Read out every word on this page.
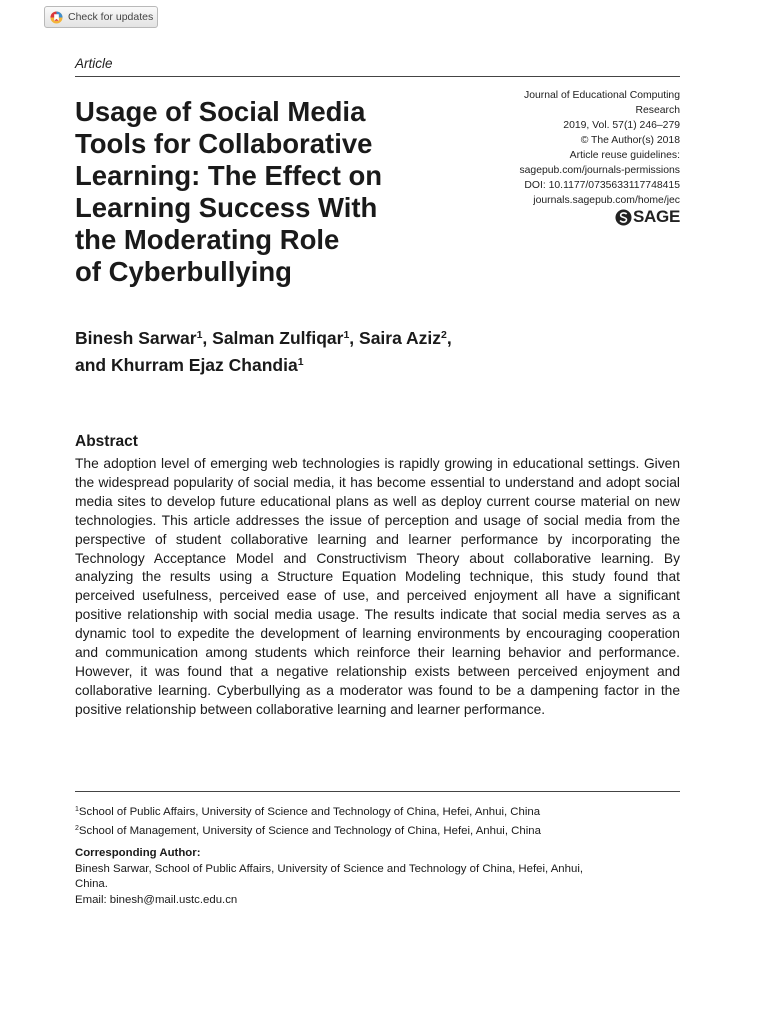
Check for updates
Article
Usage of Social Media
Tools for Collaborative
Learning: The Effect on
Learning Success With
the Moderating Role
of Cyberbullying
Journal of Educational Computing
Research
2019, Vol. 57(1) 246–279
© The Author(s) 2018
Article reuse guidelines:
sagepub.com/journals-permissions
DOI: 10.1177/0735633117748415
journals.sagepub.com/home/jec
SAGE
Binesh Sarwar$^1$, Salman Zulfiqar$^1$, Saira Aziz$^2$,
and Khurram Ejaz Chandia$^1$
Abstract

The adoption level of emerging web technologies is rapidly growing in educational settings. Given the widespread popularity of social media, it has become essential to understand and adopt social media sites to develop future educational plans as well as deploy current course material on new technologies. This article addresses the issue of perception and usage of social media from the perspective of student collaborative learning and learner performance by incorporating the Technology Acceptance Model and Constructivism Theory about collaborative learning. By analyzing the results using a Structure Equation Modeling technique, this study found that perceived usefulness, perceived ease of use, and perceived enjoyment all have a significant positive relationship with social media usage. The results indicate that social media serves as a dynamic tool to expedite the development of learning environments by encouraging cooperation and communication among students which reinforce their learning behavior and performance. However, it was found that a negative relationship exists between perceived enjoyment and collaborative learning. Cyberbullying as a moderator was found to be a dampening factor in the positive relationship between collaborative learning and learner performance.

$^1$School of Public Affairs, University of Science and Technology of China, Hefei, Anhui, China
$^2$School of Management, University of Science and Technology of China, Hefei, Anhui, China
Corresponding Author:
Binesh Sarwar, School of Public Affairs, University of Science and Technology of China, Hefei, Anhui,
China.
Email: binesh@mail.ustc.edu.cn
